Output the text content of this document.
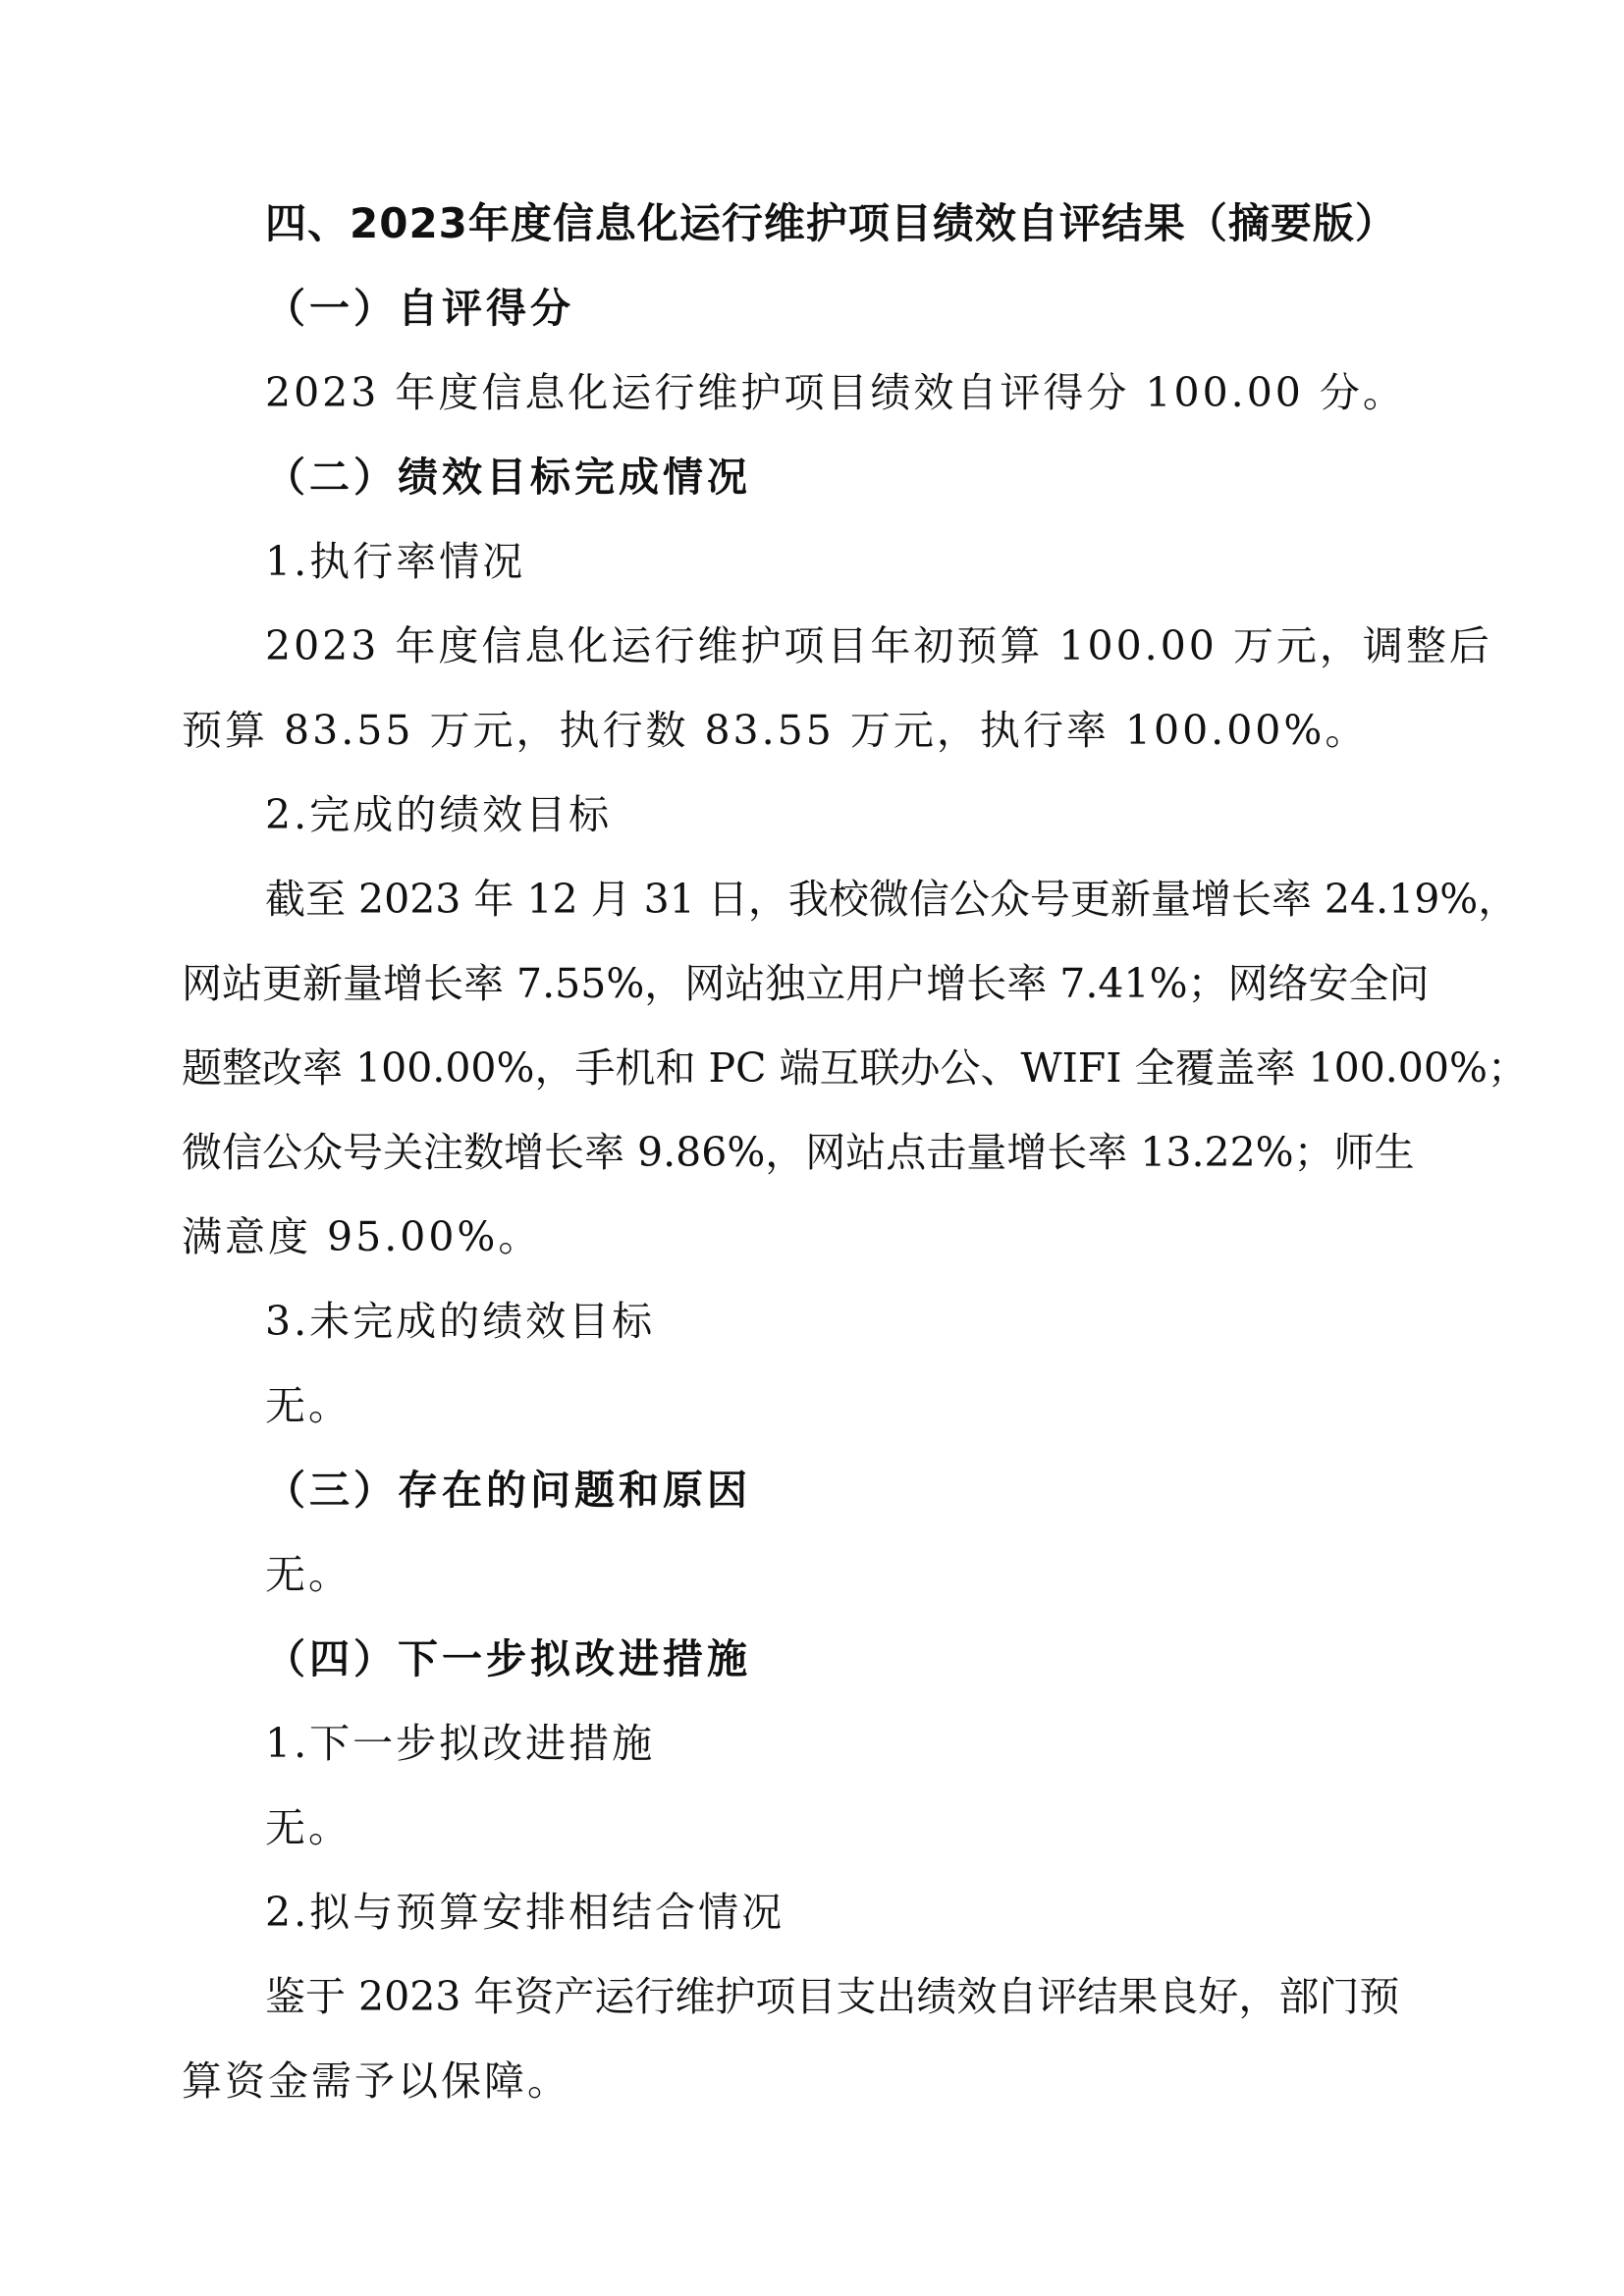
四、2023年度信息化运行维护项目绩效自评结果（摘要版）
（一）自评得分
2023 年度信息化运行维护项目绩效自评得分 100.00 分。
（二）绩效目标完成情况
1.执行率情况
2023 年度信息化运行维护项目年初预算 100.00 万元，调整后
预算 83.55 万元，执行数 83.55 万元，执行率 100.00%。
2.完成的绩效目标
截至 2023 年 12 月 31 日，我校微信公众号更新量增长率 24.19%，
网站更新量增长率 7.55%，网站独立用户增长率 7.41%；网络安全问
题整改率 100.00%，手机和 PC 端互联办公、WIFI 全覆盖率 100.00%；
微信公众号关注数增长率 9.86%，网站点击量增长率 13.22%；师生
满意度 95.00%。
3.未完成的绩效目标
无。
（三）存在的问题和原因
无。
（四）下一步拟改进措施
1.下一步拟改进措施
无。
2.拟与预算安排相结合情况
鉴于 2023 年资产运行维护项目支出绩效自评结果良好，部门预
算资金需予以保障。
